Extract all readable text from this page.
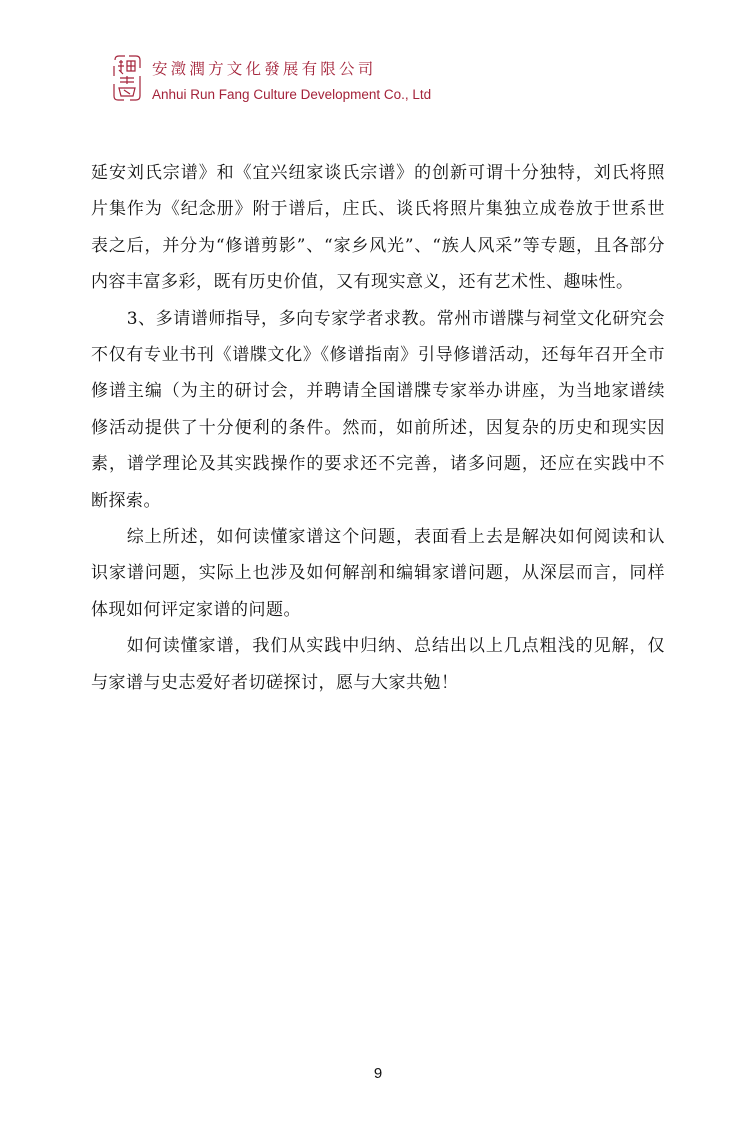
安澂潤方文化發展有限公司
Anhui Run Fang Culture Development Co., Ltd

延安刘氏宗谱》和《宜兴纽家谈氏宗谱》的创新可谓十分独特，刘氏将照片集作为《纪念册》附于谱后，庄氏、谈氏将照片集独立成卷放于世系世表之后，并分为“修谱剪影”、“家乡风光”、“族人风采”等专题，且各部分内容丰富多彩，既有历史价值，又有现实意义，还有艺术性、趣味性。

3、多请谱师指导，多向专家学者求教。常州市谱牒与祠堂文化研究会不仅有专业书刊《谱牒文化》《修谱指南》引导修谱活动，还每年召开全市修谱主编（为主的研讨会，并聘请全国谱牒专家举办讲座，为当地家谱续修活动提供了十分便利的条件。然而，如前所述，因复杂的历史和现实因素，谱学理论及其实践操作的要求还不完善，诸多问题，还应在实践中不断探索。

综上所述，如何读懂家谱这个问题，表面看上去是解决如何阅读和认识家谱问题，实际上也涉及如何解剖和编辑家谱问题，从深层而言，同样体现如何评定家谱的问题。

如何读懂家谱，我们从实践中归纳、总结出以上几点粗浅的见解，仅与家谱与史志爱好者切磋探讨，愿与大家共勉！

9
